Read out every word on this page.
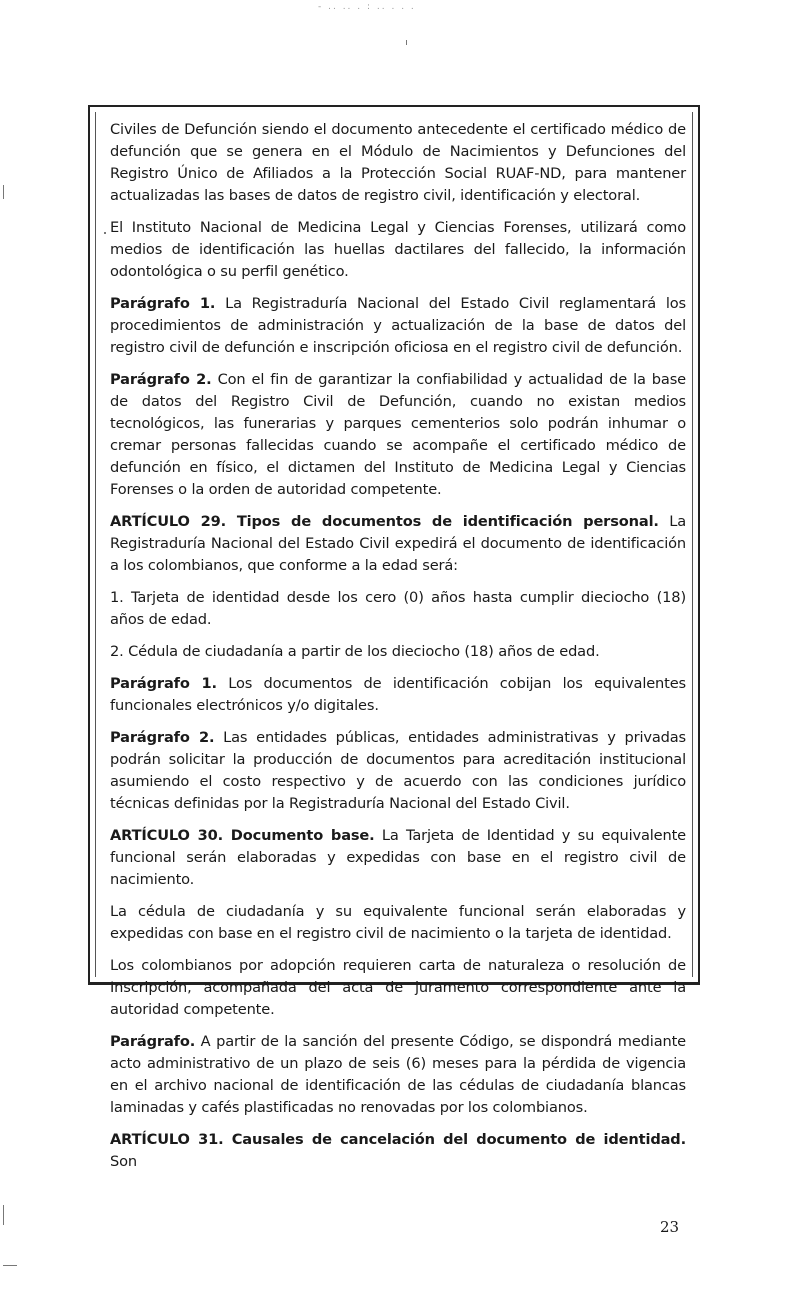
- .. .. . : .. . . .

Civiles de Defunción siendo el documento antecedente el certificado médico de defunción que se genera en el Módulo de Nacimientos y Defunciones del Registro Único de Afiliados a la Protección Social RUAF-ND, para mantener actualizadas las bases de datos de registro civil, identificación y electoral.

El Instituto Nacional de Medicina Legal y Ciencias Forenses, utilizará como medios de identificación las huellas dactilares del fallecido, la información odontológica o su perfil genético.

Parágrafo 1. La Registraduría Nacional del Estado Civil reglamentará los procedimientos de administración y actualización de la base de datos del registro civil de defunción e inscripción oficiosa en el registro civil de defunción.

Parágrafo 2. Con el fin de garantizar la confiabilidad y actualidad de la base de datos del Registro Civil de Defunción, cuando no existan medios tecnológicos, las funerarias y parques cementerios solo podrán inhumar o cremar personas fallecidas cuando se acompañe el certificado médico de defunción en físico, el dictamen del Instituto de Medicina Legal y Ciencias Forenses o la orden de autoridad competente.

ARTÍCULO 29. Tipos de documentos de identificación personal. La Registraduría Nacional del Estado Civil expedirá el documento de identificación a los colombianos, que conforme a la edad será:

1. Tarjeta de identidad desde los cero (0) años hasta cumplir dieciocho (18) años de edad.

2. Cédula de ciudadanía a partir de los dieciocho (18) años de edad.

Parágrafo 1. Los documentos de identificación cobijan los equivalentes funcionales electrónicos y/o digitales.

Parágrafo 2. Las entidades públicas, entidades administrativas y privadas podrán solicitar la producción de documentos para acreditación institucional asumiendo el costo respectivo y de acuerdo con las condiciones jurídico técnicas definidas por la Registraduría Nacional del Estado Civil.

ARTÍCULO 30. Documento base. La Tarjeta de Identidad y su equivalente funcional serán elaboradas y expedidas con base en el registro civil de nacimiento.

La cédula de ciudadanía y su equivalente funcional serán elaboradas y expedidas con base en el registro civil de nacimiento o la tarjeta de identidad.

Los colombianos por adopción requieren carta de naturaleza o resolución de Inscripción, acompañada del acta de juramento correspondiente ante la autoridad competente.

Parágrafo. A partir de la sanción del presente Código, se dispondrá mediante acto administrativo de un plazo de seis (6) meses para la pérdida de vigencia en el archivo nacional de identificación de las cédulas de ciudadanía blancas laminadas y cafés plastificadas no renovadas por los colombianos.

ARTÍCULO 31. Causales de cancelación del documento de identidad. Son

23
